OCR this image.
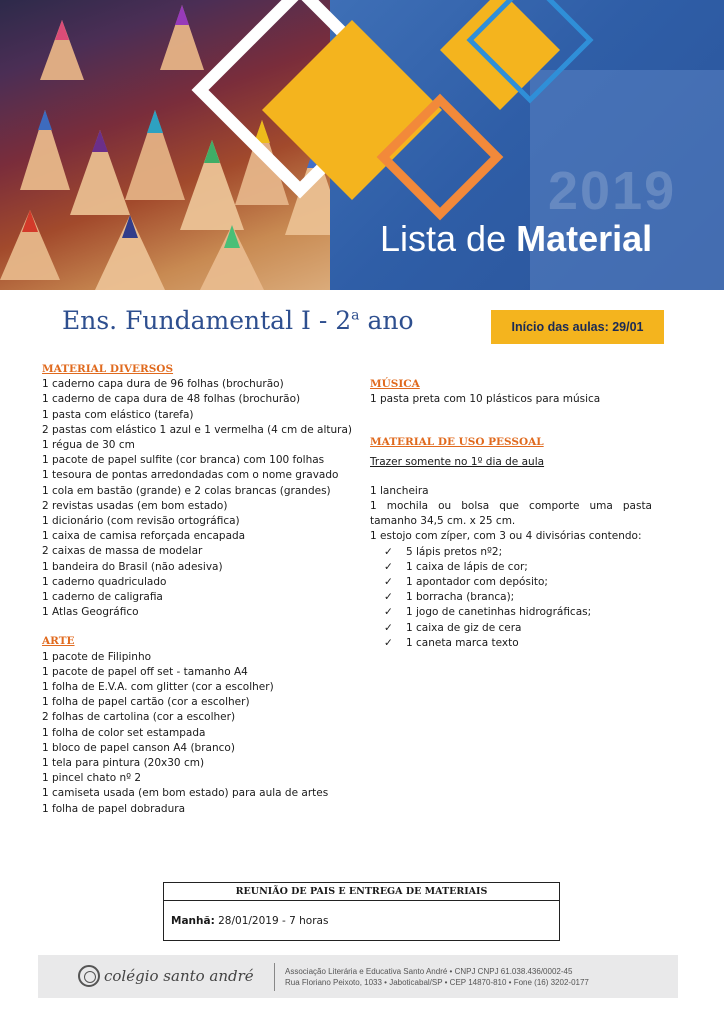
2019
Lista de Material
Ens. Fundamental I - 2$^a$ ano	Início das aulas: 29/01

MATERIAL DIVERSOS

1 caderno capa dura de 96 folhas (brochurão)

1 caderno de capa dura de 48 folhas (brochurão)

1 pasta com elástico (tarefa)

2 pastas com elástico 1 azul e 1 vermelha (4 cm de altura)

1 régua de 30 cm

1 pacote de papel sulfite (cor branca) com 100 folhas

1 tesoura de pontas arredondadas com o nome gravado

1 cola em bastão (grande) e 2 colas brancas (grandes)

2 revistas usadas (em bom estado)

1 dicionário (com revisão ortográfica)

1 caixa de camisa reforçada encapada

2 caixas de massa de modelar

1 bandeira do Brasil (não adesiva)

1 caderno quadriculado

1 caderno de caligrafia

1 Atlas Geográfico

ARTE

1 pacote de Filipinho

1 pacote de papel off set - tamanho A4

1 folha de E.V.A. com glitter (cor a escolher)

1 folha de papel cartão (cor a escolher)

2 folhas de cartolina (cor a escolher)

1 folha de color set estampada

1 bloco de papel canson A4 (branco)

1 tela para pintura (20x30 cm)

1 pincel chato nº 2

1 camiseta usada (em bom estado) para aula de artes

1 folha de papel dobradura

MÚSICA

1 pasta preta com 10 plásticos para música

MATERIAL DE USO PESSOAL

Trazer somente no 1º dia de aula

1 lancheira

1 mochila ou bolsa que comporte uma pasta tamanho 34,5 cm. x 25 cm.

1 estojo com zíper, com 3 ou 4 divisórias contendo:

✓ 5 lápis pretos nº2;
✓ 1 caixa de lápis de cor;
✓ 1 apontador com depósito;
✓ 1 borracha (branca);
✓ 1 jogo de canetinhas hidrográficas;
✓ 1 caixa de giz de cera
✓ 1 caneta marca texto
REUNIÃO DE PAIS E ENTREGA DE MATERIAIS
Manhã: 28/01/2019 - 7 horas
colégio santo andré	Associação Literária e Educativa Santo André • CNPJ CNPJ 61.038.436/0002-45
Rua Floriano Peixoto, 1033 • Jaboticabal/SP • CEP 14870-810 • Fone (16) 3202-0177
